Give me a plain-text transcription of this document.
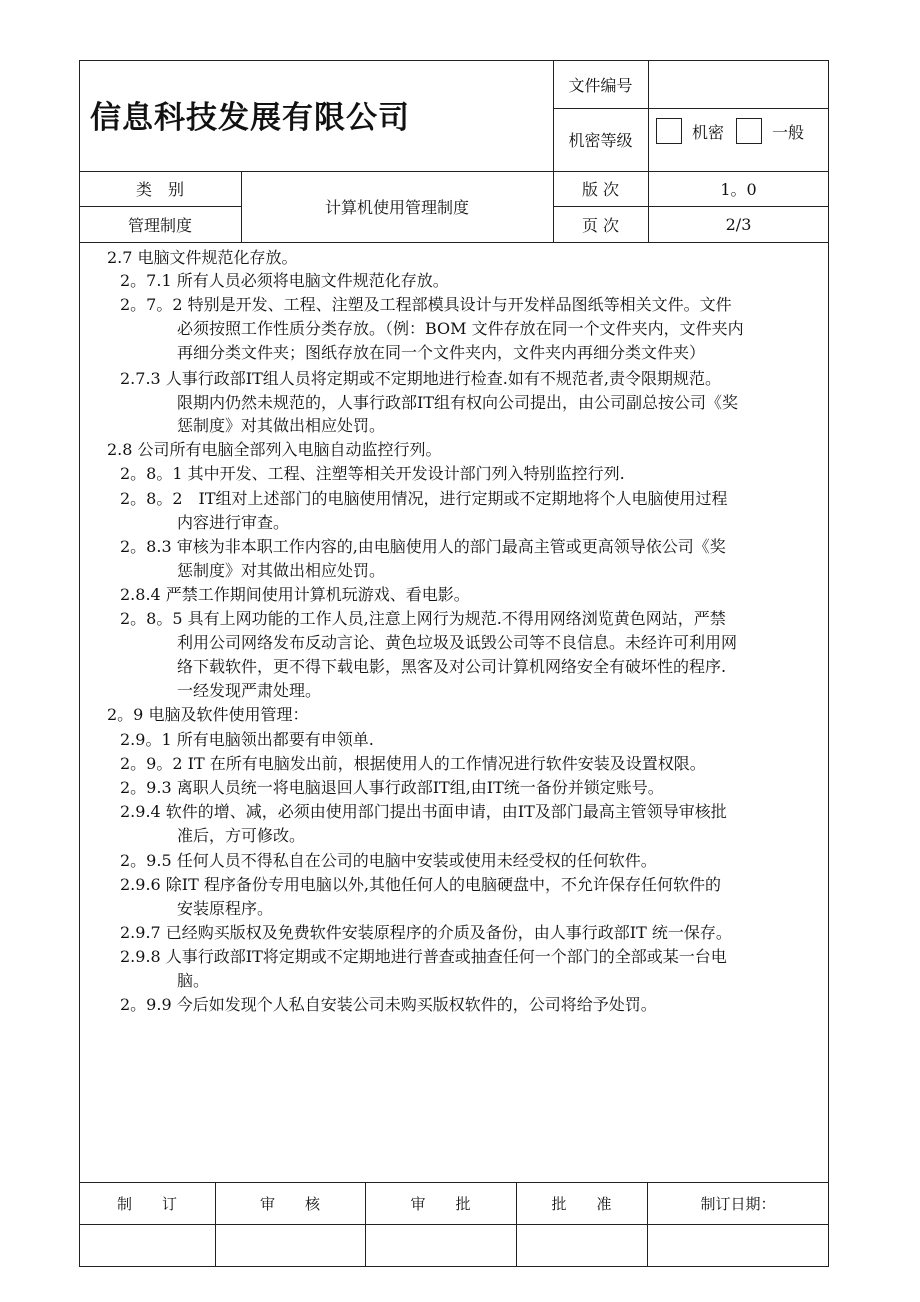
信息科技发展有限公司
文件编号
机密等级	机密	一般
类　别
管理制度
计算机使用管理制度
版 次	1。0
页 次	2/3
2.7 电脑文件规范化存放。
2。7.1 所有人员必须将电脑文件规范化存放。
2。7。2 特别是开发、工程、注塑及工程部模具设计与开发样品图纸等相关文件。文件
必须按照工作性质分类存放。（例：BOM 文件存放在同一个文件夹内，文件夹内
再细分类文件夹；图纸存放在同一个文件夹内，文件夹内再细分类文件夹）
2.7.3 人事行政部IT组人员将定期或不定期地进行检查.如有不规范者,责令限期规范。
限期内仍然未规范的，人事行政部IT组有权向公司提出，由公司副总按公司《奖
惩制度》对其做出相应处罚。
2.8 公司所有电脑全部列入电脑自动监控行列。
2。8。1 其中开发、工程、注塑等相关开发设计部门列入特别监控行列.
2。8。2　IT组对上述部门的电脑使用情况，进行定期或不定期地将个人电脑使用过程
内容进行审查。
2。8.3 审核为非本职工作内容的,由电脑使用人的部门最高主管或更高领导依公司《奖
惩制度》对其做出相应处罚。
2.8.4 严禁工作期间使用计算机玩游戏、看电影。
2。8。5 具有上网功能的工作人员,注意上网行为规范.不得用网络浏览黄色网站，严禁
利用公司网络发布反动言论、黄色垃圾及诋毁公司等不良信息。未经许可利用网
络下载软件，更不得下载电影，黑客及对公司计算机网络安全有破坏性的程序.
一经发现严肃处理。
2。9 电脑及软件使用管理：
2.9。1 所有电脑领出都要有申领单.
2。9。2 IT 在所有电脑发出前，根据使用人的工作情况进行软件安装及设置权限。
2。9.3 离职人员统一将电脑退回人事行政部IT组,由IT统一备份并锁定账号。
2.9.4 软件的增、减，必须由使用部门提出书面申请，由IT及部门最高主管领导审核批
准后，方可修改。
2。9.5 任何人员不得私自在公司的电脑中安装或使用未经受权的任何软件。
2.9.6 除IT 程序备份专用电脑以外,其他任何人的电脑硬盘中，不允许保存任何软件的
安装原程序。
2.9.7 已经购买版权及免费软件安装原程序的介质及备份，由人事行政部IT 统一保存。
2.9.8 人事行政部IT将定期或不定期地进行普查或抽查任何一个部门的全部或某一台电
脑。
2。9.9 今后如发现个人私自安装公司未购买版权软件的，公司将给予处罚。
制　　订	审　　核	审　　批	批　　准	制订日期：
